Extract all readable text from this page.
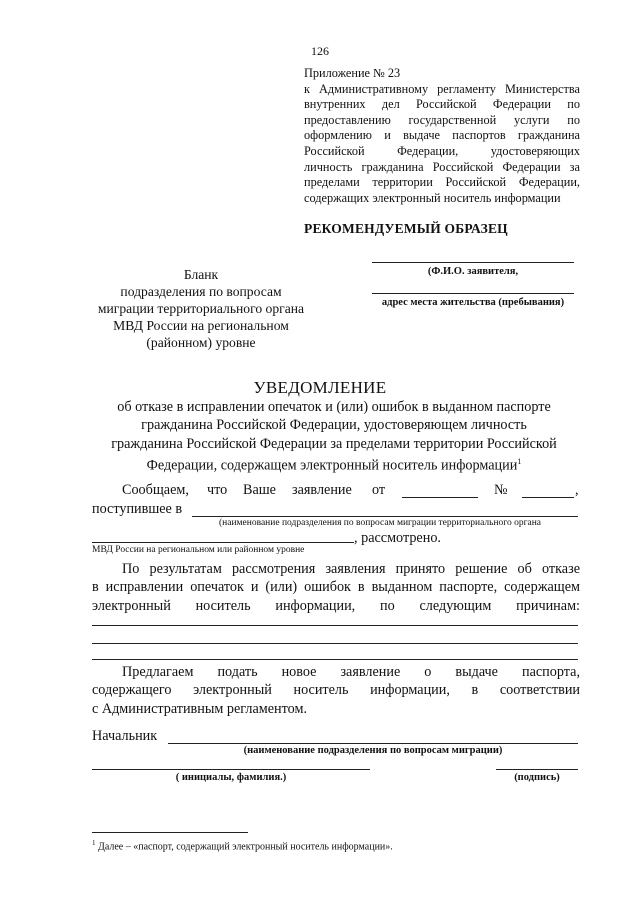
126
Приложение № 23
к Административному регламенту Министерства
внутренних дел Российской Федерации по
предоставлению государственной услуги по
оформлению и выдаче паспортов гражданина
Российской Федерации, удостоверяющих
личность гражданина Российской Федерации за
пределами территории Российской Федерации,
содержащих электронный носитель информации
РЕКОМЕНДУЕМЫЙ ОБРАЗЕЦ
(Ф.И.О. заявителя,
адрес места жительства (пребывания)
Бланк
подразделения по вопросам
миграции территориального органа
МВД России на региональном
(районном) уровне
УВЕДОМЛЕНИЕ
об отказе в исправлении опечаток и (или) ошибок в выданном паспорте
гражданина Российской Федерации, удостоверяющем личность
гражданина Российской Федерации за пределами территории Российской
Федерации, содержащем электронный носитель информации$^1$
Сообщаем, что Ваше заявление от	№	,
поступившее в
(наименование подразделения по вопросам миграции территориального органа
, рассмотрено.
МВД России на региональном или районном уровне
По результатам рассмотрения заявления принято решение об отказе
в исправлении опечаток и (или) ошибок в выданном паспорте, содержащем
электронный носитель информации, по следующим причинам:
Предлагаем подать новое заявление о выдаче паспорта,
содержащего электронный носитель информации, в соответствии
с Административным регламентом.
Начальник
(наименование подразделения по вопросам миграции)
( инициалы, фамилия.)	(подпись)
$^1$ Далее – «паспорт, содержащий электронный носитель информации».
